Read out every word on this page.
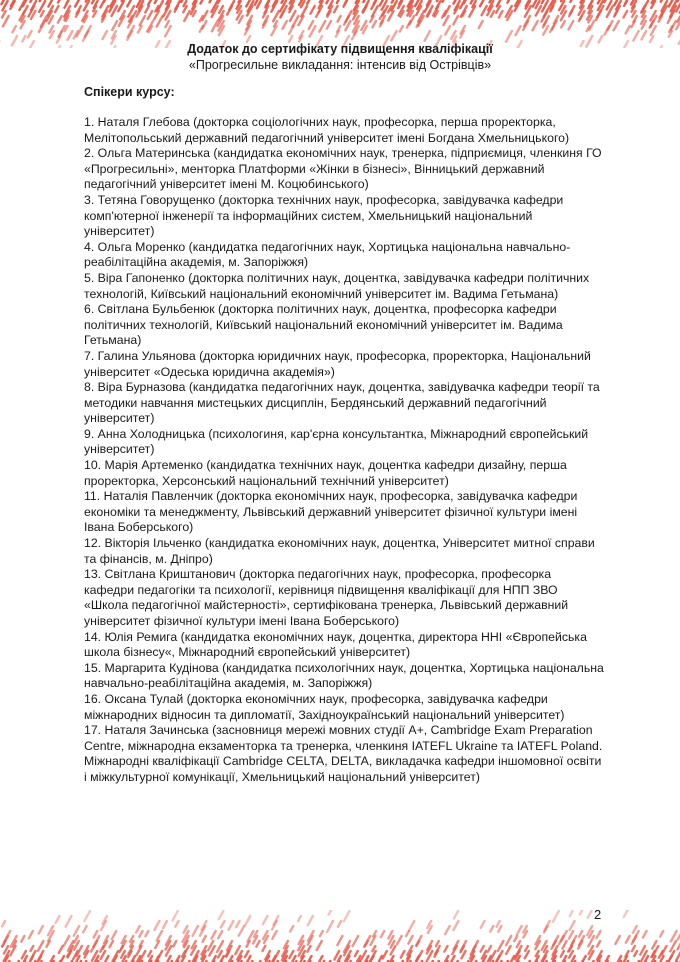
Додаток до сертифікату підвищення кваліфікації

«Прогресильне викладання: інтенсив від Острівців»

Спікери курсу:

1. Наталя Глебова (докторка соціологічних наук, професорка, перша проректорка, Мелітопольський державний педагогічний університет імені Богдана Хмельницького)
2. Ольга Материнська (кандидатка економічних наук, тренерка, підприємиця, членкиня ГО «Прогресильні», менторка Платформи «Жінки в бізнесі», Вінницький державний педагогічний університет імені М. Коцюбинського)
3. Тетяна Говорущенко (докторка технічних наук, професорка, завідувачка кафедри комп'ютерної інженерії та інформаційних систем, Хмельницький національний університет)
4. Ольга Моренко (кандидатка педагогічних наук, Хортицька національна навчально-реабілітаційна академія, м. Запоріжжя)
5. Віра Гапоненко (докторка політичних наук, доцентка, завідувачка кафедри політичних технологій, Київський національний економічний університет ім. Вадима Гетьмана)
6. Світлана Бульбенюк (докторка політичних наук, доцентка, професорка кафедри політичних технологій, Київський національний економічний університет ім. Вадима Гетьмана)
7. Галина Ульянова (докторка юридичних наук, професорка, проректорка, Національний університет «Одеська юридична академія»)
8. Віра Бурназова (кандидатка педагогічних наук, доцентка, завідувачка кафедри теорії та методики навчання мистецьких дисциплін, Бердянський державний педагогічний університет)
9. Анна Холодницька (психологиня, кар'єрна консультантка, Міжнародний європейський університет)
10. Марія Артеменко (кандидатка технічних наук, доцентка кафедри дизайну, перша проректорка, Херсонський національний технічний університет)
11. Наталія Павленчик (докторка економічних наук, професорка, завідувачка кафедри економіки та менеджменту, Львівський державний університет фізичної культури імені Івана Боберського)
12. Вікторія Ільченко (кандидатка економічних наук, доцентка, Університет митної справи та фінансів, м. Дніпро)
13. Світлана Криштанович (докторка педагогічних наук, професорка, професорка кафедри педагогіки та психології, керівниця підвищення кваліфікації для НПП ЗВО «Школа педагогічної майстерності», сертифікована тренерка, Львівський державний університет фізичної культури імені Івана Боберського)
14. Юлія Ремига (кандидатка економічних наук, доцентка, директора ННІ «Європейська школа бізнесу«, Міжнародний європейський університет)
15. Маргарита Кудінова (кандидатка психологічних наук, доцентка, Хортицька національна навчально-реабілітаційна академія, м. Запоріжжя)
16. Оксана Тулай (докторка економічних наук, професорка, завідувачка кафедри міжнародних відносин та дипломатії, Західноукраїнський національний університет)
17. Наталя Зачинська (засновниця мережі мовних студії А+, Cambridge Exam Preparation Centre, міжнародна екзаменторка та тренерка, членкиня IATEFL Ukraine та IATEFL Poland. Міжнародні кваліфікації Cambridge CELTA, DELTA, викладачка кафедри іншомовної освіти і міжкультурної комунікації, Хмельницький національний університет)
2
